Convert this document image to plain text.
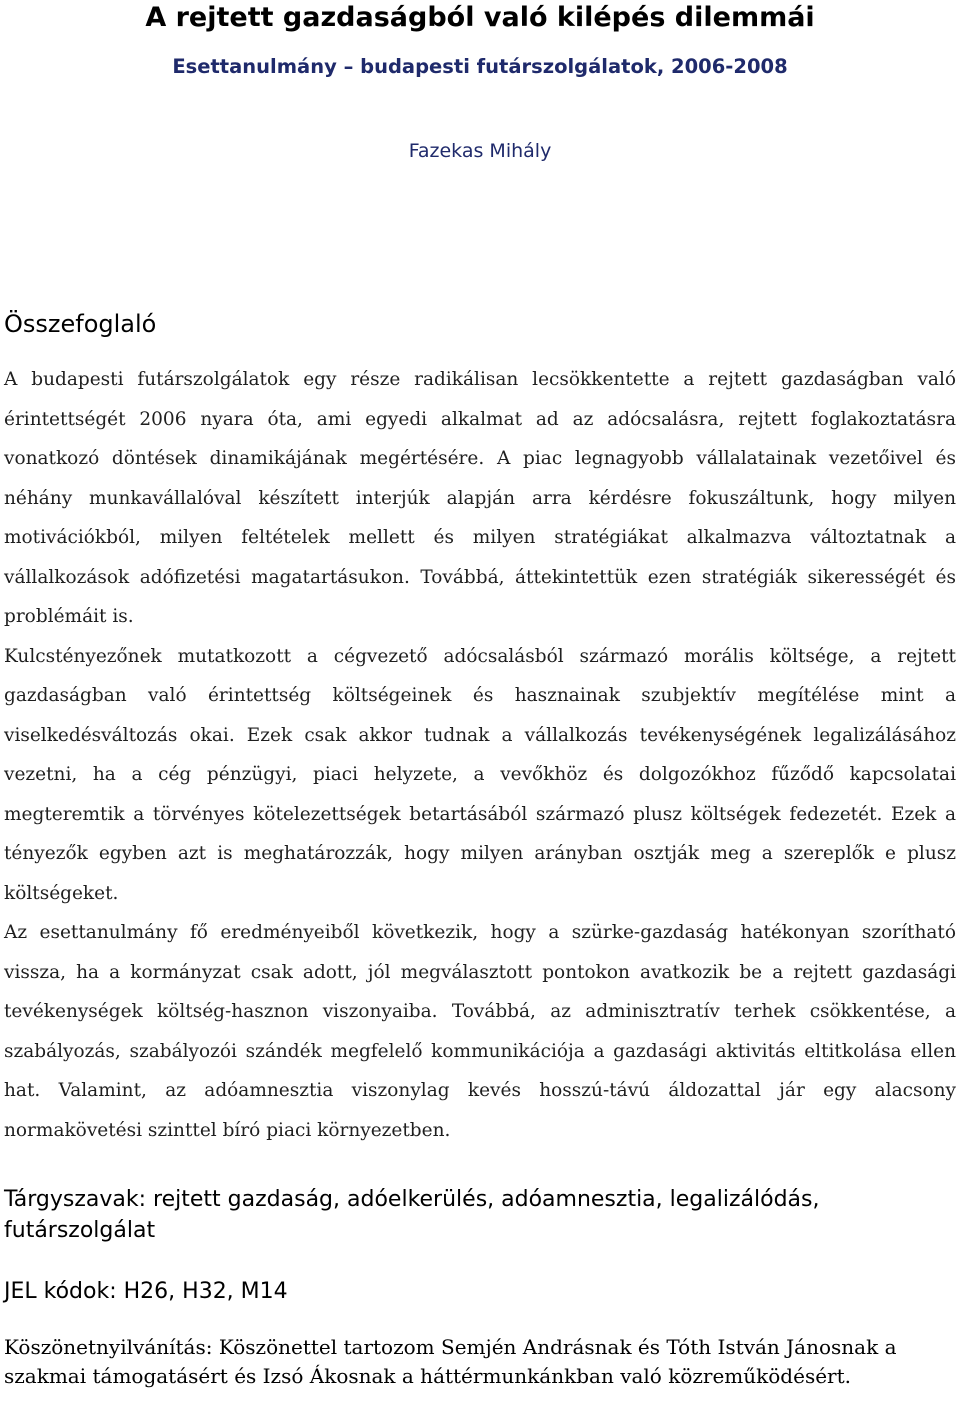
A rejtett gazdaságból való kilépés dilemmái
Esettanulmány – budapesti futárszolgálatok, 2006-2008
Fazekas Mihály
Összefoglaló

A budapesti futárszolgálatok egy része radikálisan lecsökkentette a rejtett gazdaságban való érintettségét 2006 nyara óta, ami egyedi alkalmat ad az adócsalásra, rejtett foglakoztatásra vonatkozó döntések dinamikájának megértésére. A piac legnagyobb vállalatainak vezetőivel és néhány munkavállalóval készített interjúk alapján arra kérdésre fokuszáltunk, hogy milyen motivációkból, milyen feltételek mellett és milyen stratégiákat alkalmazva változtatnak a vállalkozások adófizetési magatartásukon. Továbbá, áttekintettük ezen stratégiák sikerességét és problémáit is.

Kulcstényezőnek mutatkozott a cégvezető adócsalásból származó morális költsége, a rejtett gazdaságban való érintettség költségeinek és hasznainak szubjektív megítélése mint a viselkedésváltozás okai. Ezek csak akkor tudnak a vállalkozás tevékenységének legalizálásához vezetni, ha a cég pénzügyi, piaci helyzete, a vevőkhöz és dolgozókhoz fűződő kapcsolatai megteremtik a törvényes kötelezettségek betartásából származó plusz költségek fedezetét. Ezek a tényezők egyben azt is meghatározzák, hogy milyen arányban osztják meg a szereplők e plusz költségeket.

Az esettanulmány fő eredményeiből következik, hogy a szürke-gazdaság hatékonyan szorítható vissza, ha a kormányzat csak adott, jól megválasztott pontokon avatkozik be a rejtett gazdasági tevékenységek költség-hasznon viszonyaiba. Továbbá, az adminisztratív terhek csökkentése, a szabályozás, szabályozói szándék megfelelő kommunikációja a gazdasági aktivitás eltitkolása ellen hat. Valamint, az adóamnesztia viszonylag kevés hosszú-távú áldozattal jár egy alacsony normakövetési szinttel bíró piaci környezetben.

Tárgyszavak: rejtett gazdaság, adóelkerülés, adóamnesztia, legalizálódás, futárszolgálat
JEL kódok: H26, H32, M14
Köszönetnyilvánítás: Köszönettel tartozom Semjén Andrásnak és Tóth István Jánosnak a szakmai támogatásért és Izsó Ákosnak a háttérmunkánkban való közreműködésért.
